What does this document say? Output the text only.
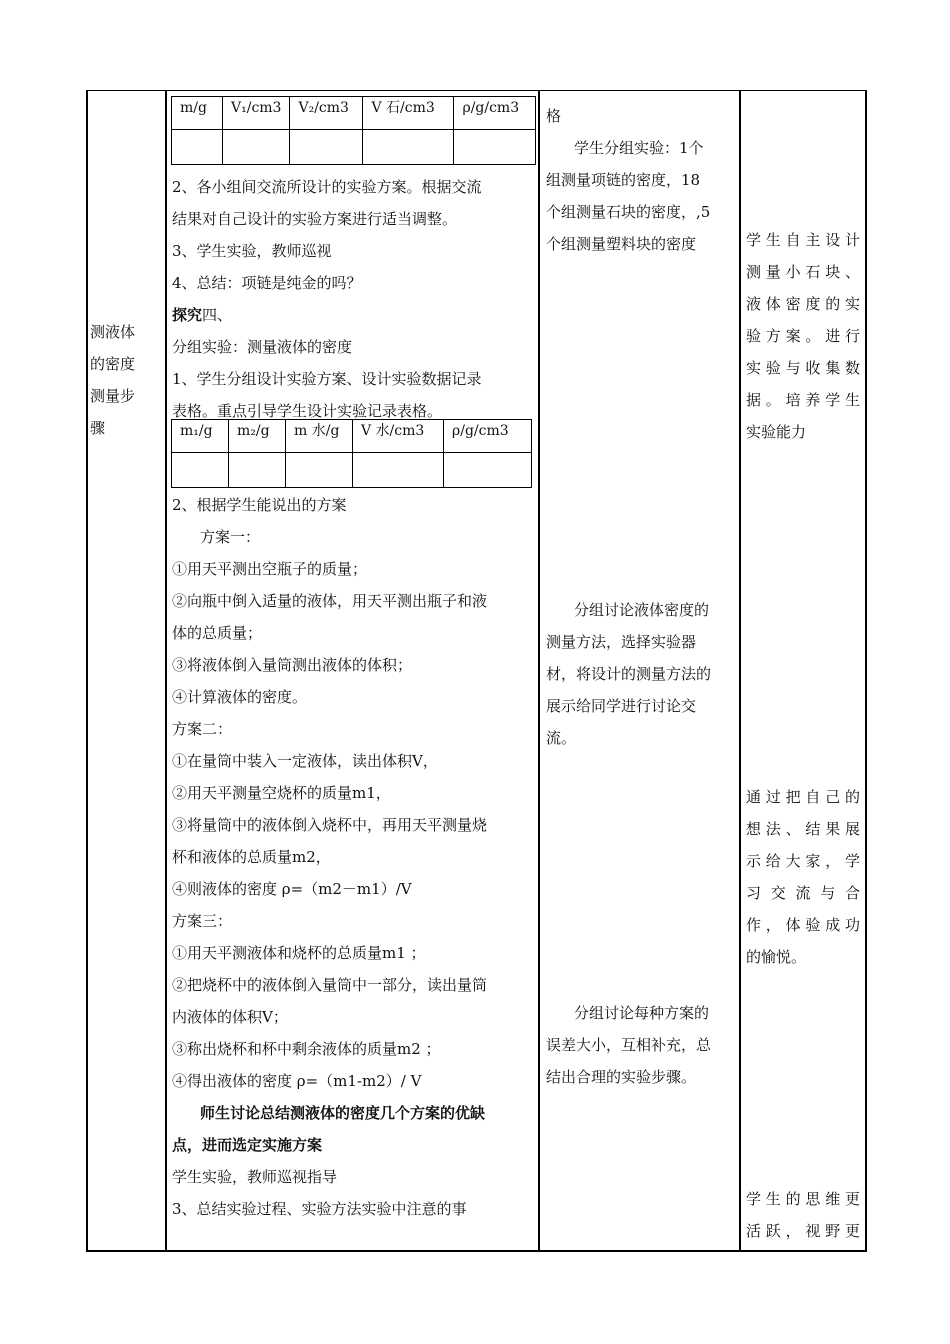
测液体

的密度

测量步

骤

m/g	V₁/cm3	V₂/cm3	V 石/cm3	ρ/g/cm3

2、各小组间交流所设计的实验方案。根据交流

结果对自己设计的实验方案进行适当调整。

3、学生实验，教师巡视

4、总结：项链是纯金的吗？

探究四、

分组实验：测量液体的密度

1、学生分组设计实验方案、设计实验数据记录

表格。重点引导学生设计实验记录表格。

m₁/g	m₂/g	m 水/g	V 水/cm3	ρ/g/cm3

2、根据学生能说出的方案

方案一：

①用天平测出空瓶子的质量；

②向瓶中倒入适量的液体，用天平测出瓶子和液

体的总质量；

③将液体倒入量筒测出液体的体积；

④计算液体的密度。

方案二：

①在量筒中装入一定液体，读出体积V，

②用天平测量空烧杯的质量m1，

③将量筒中的液体倒入烧杯中，再用天平测量烧

杯和液体的总质量m2，

④则液体的密度 ρ=（m2－m1）/V

方案三：

①用天平测液体和烧杯的总质量m1 ；

②把烧杯中的液体倒入量筒中一部分，读出量筒

内液体的体积V；

③称出烧杯和杯中剩余液体的质量m2 ；

④得出液体的密度 ρ=（m1-m2）/ V

师生讨论总结测液体的密度几个方案的优缺

点，进而选定实施方案

学生实验，教师巡视指导

3、总结实验过程、实验方法实验中注意的事

格

学生分组实验：1个

组测量项链的密度，18

个组测量石块的密度，,5

个组测量塑料块的密度

分组讨论液体密度的

测量方法，选择实验器

材，将设计的测量方法的

展示给同学进行讨论交

流。

分组讨论每种方案的

误差大小，互相补充，总

结出合理的实验步骤。

学生自主设计

测量小石块、

液体密度的实

验方案。进行

实验与收集数

据。培养学生

实验能力

通过把自己的

想法、结果展

示给大家，学

习交流与合

作，体验成功

的愉悦。

学生的思维更

活跃，视野更
